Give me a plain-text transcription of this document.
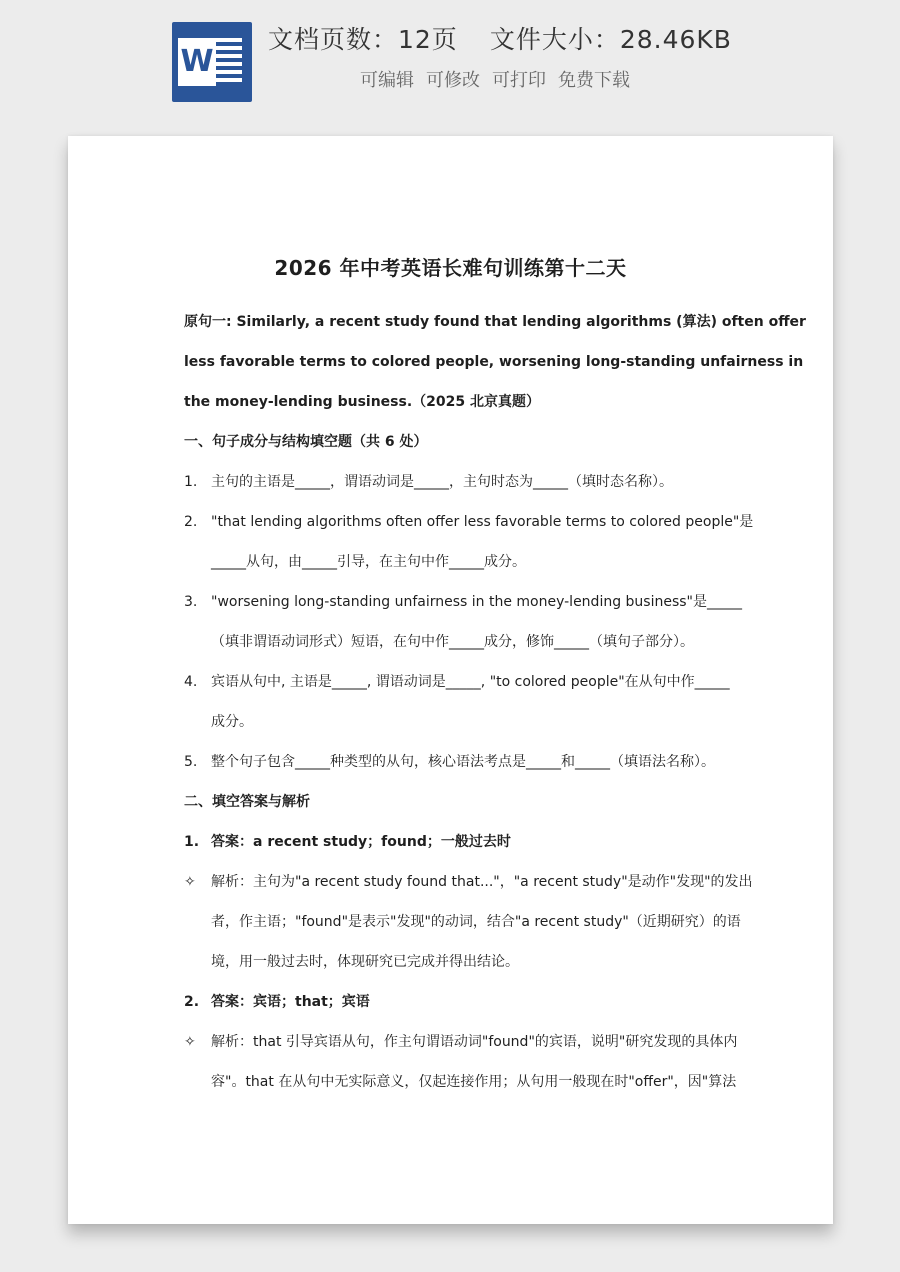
W
文档页数：12页 文件大小：28.46KB
可编辑 可修改 可打印 免费下载
2026 年中考英语长难句训练第十二天
原句一: Similarly, a recent study found that lending algorithms (算法) often offer
less favorable terms to colored people, worsening long-standing unfairness in
the money-lending business.（2025 北京真题）
一、句子成分与结构填空题（共 6 处）
1. 主句的主语是_____，谓语动词是_____，主句时态为_____（填时态名称）。
2. "that lending algorithms often offer less favorable terms to colored people"是
_____从句，由_____引导，在主句中作_____成分。
3. "worsening long-standing unfairness in the money-lending business"是_____
（填非谓语动词形式）短语，在句中作_____成分，修饰_____（填句子部分）。
4. 宾语从句中, 主语是_____, 谓语动词是_____, "to colored people"在从句中作_____
成分。
5. 整个句子包含_____种类型的从句，核心语法考点是_____和_____（填语法名称）。
二、填空答案与解析
1. 答案：a recent study；found；一般过去时
✧	解析：主句为"a recent study found that..."，"a recent study"是动作"发现"的发出
者，作主语；"found"是表示"发现"的动词，结合"a recent study"（近期研究）的语
境，用一般过去时，体现研究已完成并得出结论。
2. 答案：宾语；that；宾语
✧	解析：that 引导宾语从句，作主句谓语动词"found"的宾语，说明"研究发现的具体内
容"。that 在从句中无实际意义，仅起连接作用；从句用一般现在时"offer"，因"算法
